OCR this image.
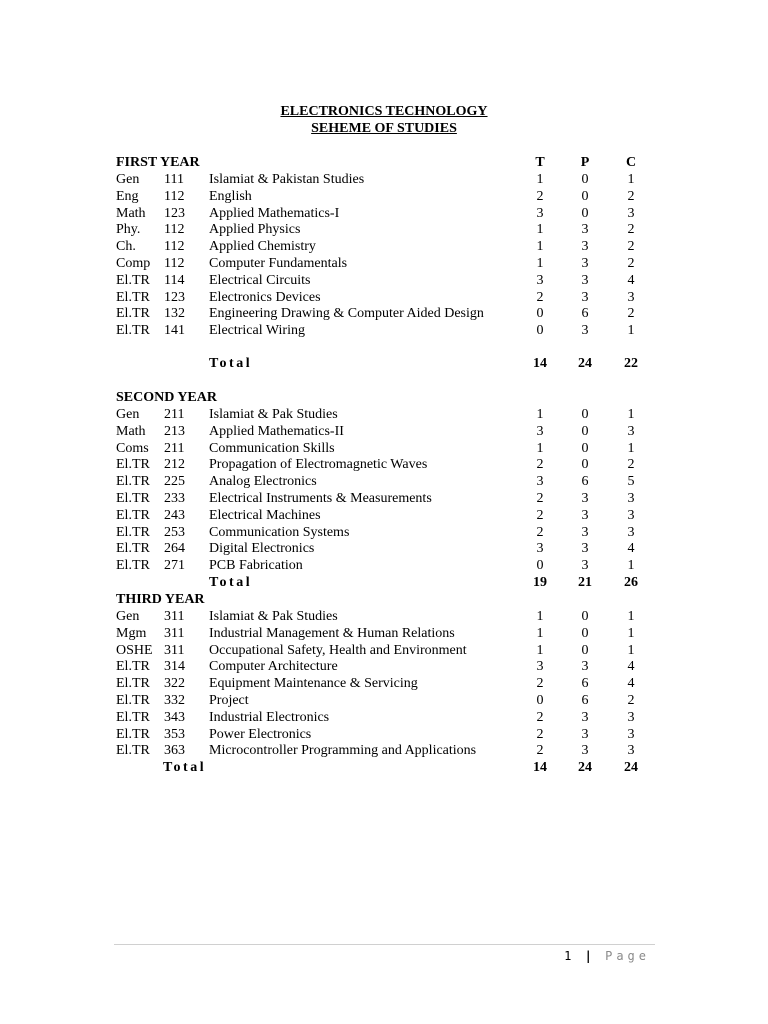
ELECTRONICS TECHNOLOGY
SEHEME OF STUDIES
FIRST YEAR	T	P	C
Gen 111 Islamiat & Pakistan Studies	1	0	1
Eng 112 English	2	0	2
Math 123 Applied Mathematics-I	3	0	3
Phy. 112 Applied Physics	1	3	2
Ch. 112 Applied Chemistry	1	3	2
Comp 112 Computer Fundamentals	1	3	2
El.TR 114 Electrical Circuits	3	3	4
El.TR 123 Electronics Devices	2	3	3
El.TR 132 Engineering Drawing & Computer Aided Design	0	6	2
El.TR 141 Electrical Wiring	0	3	1
Total	14 24 22
SECOND YEAR
Gen 211 Islamiat & Pak Studies	1	0	1
Math 213 Applied Mathematics-II	3	0	3
Coms 211 Communication Skills	1	0	1
El.TR 212 Propagation of Electromagnetic Waves	2	0	2
El.TR 225 Analog Electronics	3	6	5
El.TR 233 Electrical Instruments & Measurements	2	3	3
El.TR 243 Electrical Machines	2	3	3
El.TR 253 Communication Systems	2	3	3
El.TR 264 Digital Electronics	3	3	4
El.TR 271 PCB Fabrication	0	3	1
Total	19 21 26
THIRD YEAR
Gen 311 Islamiat & Pak Studies	1	0	1
Mgm 311 Industrial Management & Human Relations	1	0	1
OSHE 311 Occupational Safety, Health and Environment	1	0	1
El.TR 314 Computer Architecture	3	3	4
El.TR 322 Equipment Maintenance & Servicing	2	6	4
El.TR 332 Project	0	6	2
El.TR 343 Industrial Electronics	2	3	3
El.TR 353 Power Electronics	2	3	3
El.TR 363 Microcontroller Programming and Applications	2	3	3
Total	14 24 24
1 | Page
